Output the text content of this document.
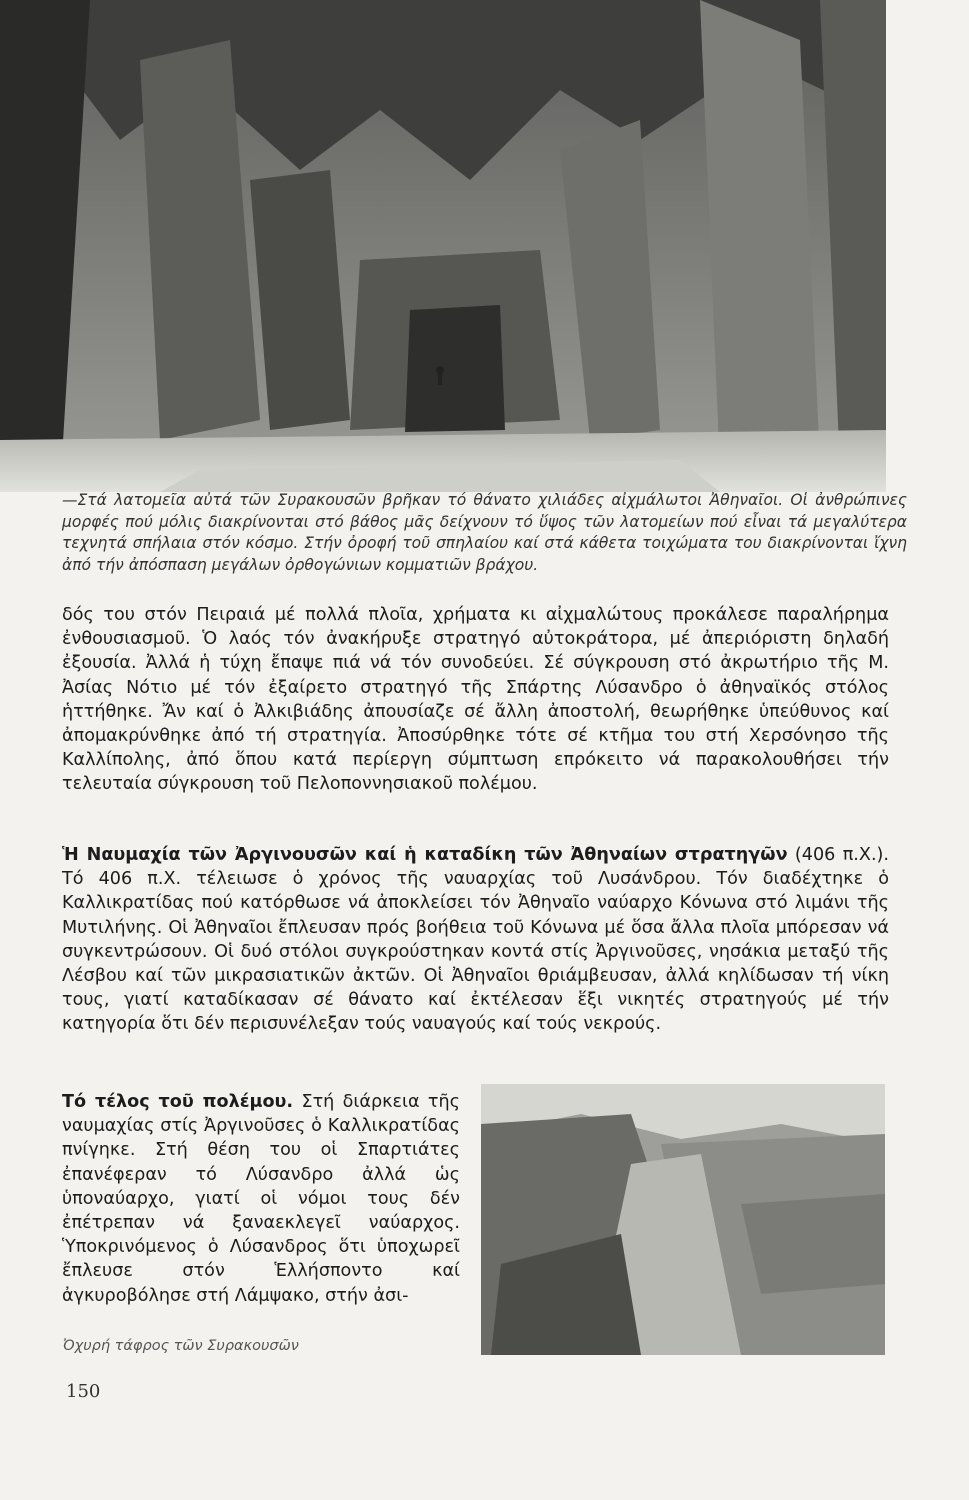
—Στά λατομεῖα αὐτά τῶν Συρακουσῶν βρῆκαν τό θάνατο χιλιάδες αἰχμάλωτοι Ἀθηναῖοι. Οἱ ἀνθρώπινες μορφές πού μόλις διακρίνονται στό βάθος μᾶς δείχνουν τό ὕψος τῶν λατομείων πού εἶναι τά μεγαλύτερα τεχνητά σπήλαια στόν κόσμο. Στήν ὀροφή τοῦ σπηλαίου καί στά κάθετα τοιχώματα του διακρίνονται ἴχνη ἀπό τήν ἀπόσπαση μεγάλων ὀρθογώνιων κομματιῶν βράχου.

δός του στόν Πειραιά μέ πολλά πλοῖα, χρήματα κι αἰχμαλώτους προκάλεσε παραλήρημα ἐνθουσιασμοῦ. Ὁ λαός τόν ἀνακήρυξε στρατηγό αὐτοκράτορα, μέ ἀπεριόριστη δηλαδή ἐξουσία. Ἀλλά ἡ τύχη ἔπαψε πιά νά τόν συνοδεύει. Σέ σύγκρουση στό ἀκρωτήριο τῆς Μ. Ἀσίας Νότιο μέ τόν ἐξαίρετο στρατηγό τῆς Σπάρτης Λύσανδρο ὁ ἀθηναϊκός στόλος ἡττήθηκε. Ἄν καί ὁ Ἀλκιβιάδης ἀπουσίαζε σέ ἄλλη ἀποστολή, θεωρήθηκε ὑπεύθυνος καί ἀπομακρύνθηκε ἀπό τή στρατηγία. Ἀποσύρθηκε τότε σέ κτῆμα του στή Χερσόνησο τῆς Καλλίπολης, ἀπό ὅπου κατά περίεργη σύμπτωση επρόκειτο νά παρακολουθήσει τήν τελευταία σύγκρουση τοῦ Πελοποννησιακοῦ πολέμου.

Ἡ Ναυμαχία τῶν Ἀργινουσῶν καί ἡ καταδίκη τῶν Ἀθηναίων στρατηγῶν (406 π.Χ.). Τό 406 π.Χ. τέλειωσε ὁ χρόνος τῆς ναυαρχίας τοῦ Λυσάνδρου. Τόν διαδέχτηκε ὁ Καλλικρατίδας πού κατόρθωσε νά ἀποκλείσει τόν Ἀθηναῖο ναύαρχο Κόνωνα στό λιμάνι τῆς Μυτιλήνης. Οἱ Ἀθηναῖοι ἔπλευσαν πρός βοήθεια τοῦ Κόνωνα μέ ὅσα ἄλλα πλοῖα μπόρεσαν νά συγκεντρώσουν. Οἱ δυό στόλοι συγκρούστηκαν κοντά στίς Ἀργινοῦσες, νησάκια μεταξύ τῆς Λέσβου καί τῶν μικρασιατικῶν ἀκτῶν. Οἱ Ἀθηναῖοι θριάμβευσαν, ἀλλά κηλίδωσαν τή νίκη τους, γιατί καταδίκασαν σέ θάνατο καί ἐκτέλεσαν ἕξι νικητές στρατηγούς μέ τήν κατηγορία ὅτι δέν περισυνέλεξαν τούς ναυαγούς καί τούς νεκρούς.

Τό τέλος τοῦ πολέμου. Στή διάρκεια τῆς ναυμαχίας στίς Ἀργινοῦσες ὁ Καλλικρατίδας πνίγηκε. Στή θέση του οἱ Σπαρτιάτες ἐπανέφεραν τό Λύσανδρο ἀλλά ὡς ὑποναύαρχο, γιατί οἱ νόμοι τους δέν ἐπέτρεπαν νά ξαναεκλεγεῖ ναύαρχος. Ὑποκρινόμενος ὁ Λύσανδρος ὅτι ὑποχωρεῖ ἔπλευσε στόν Ἑλλήσποντο καί ἀγκυροβόλησε στή Λάμψακο, στήν ἀσι-

Ὀχυρή τάφρος τῶν Συρακουσῶν

150
